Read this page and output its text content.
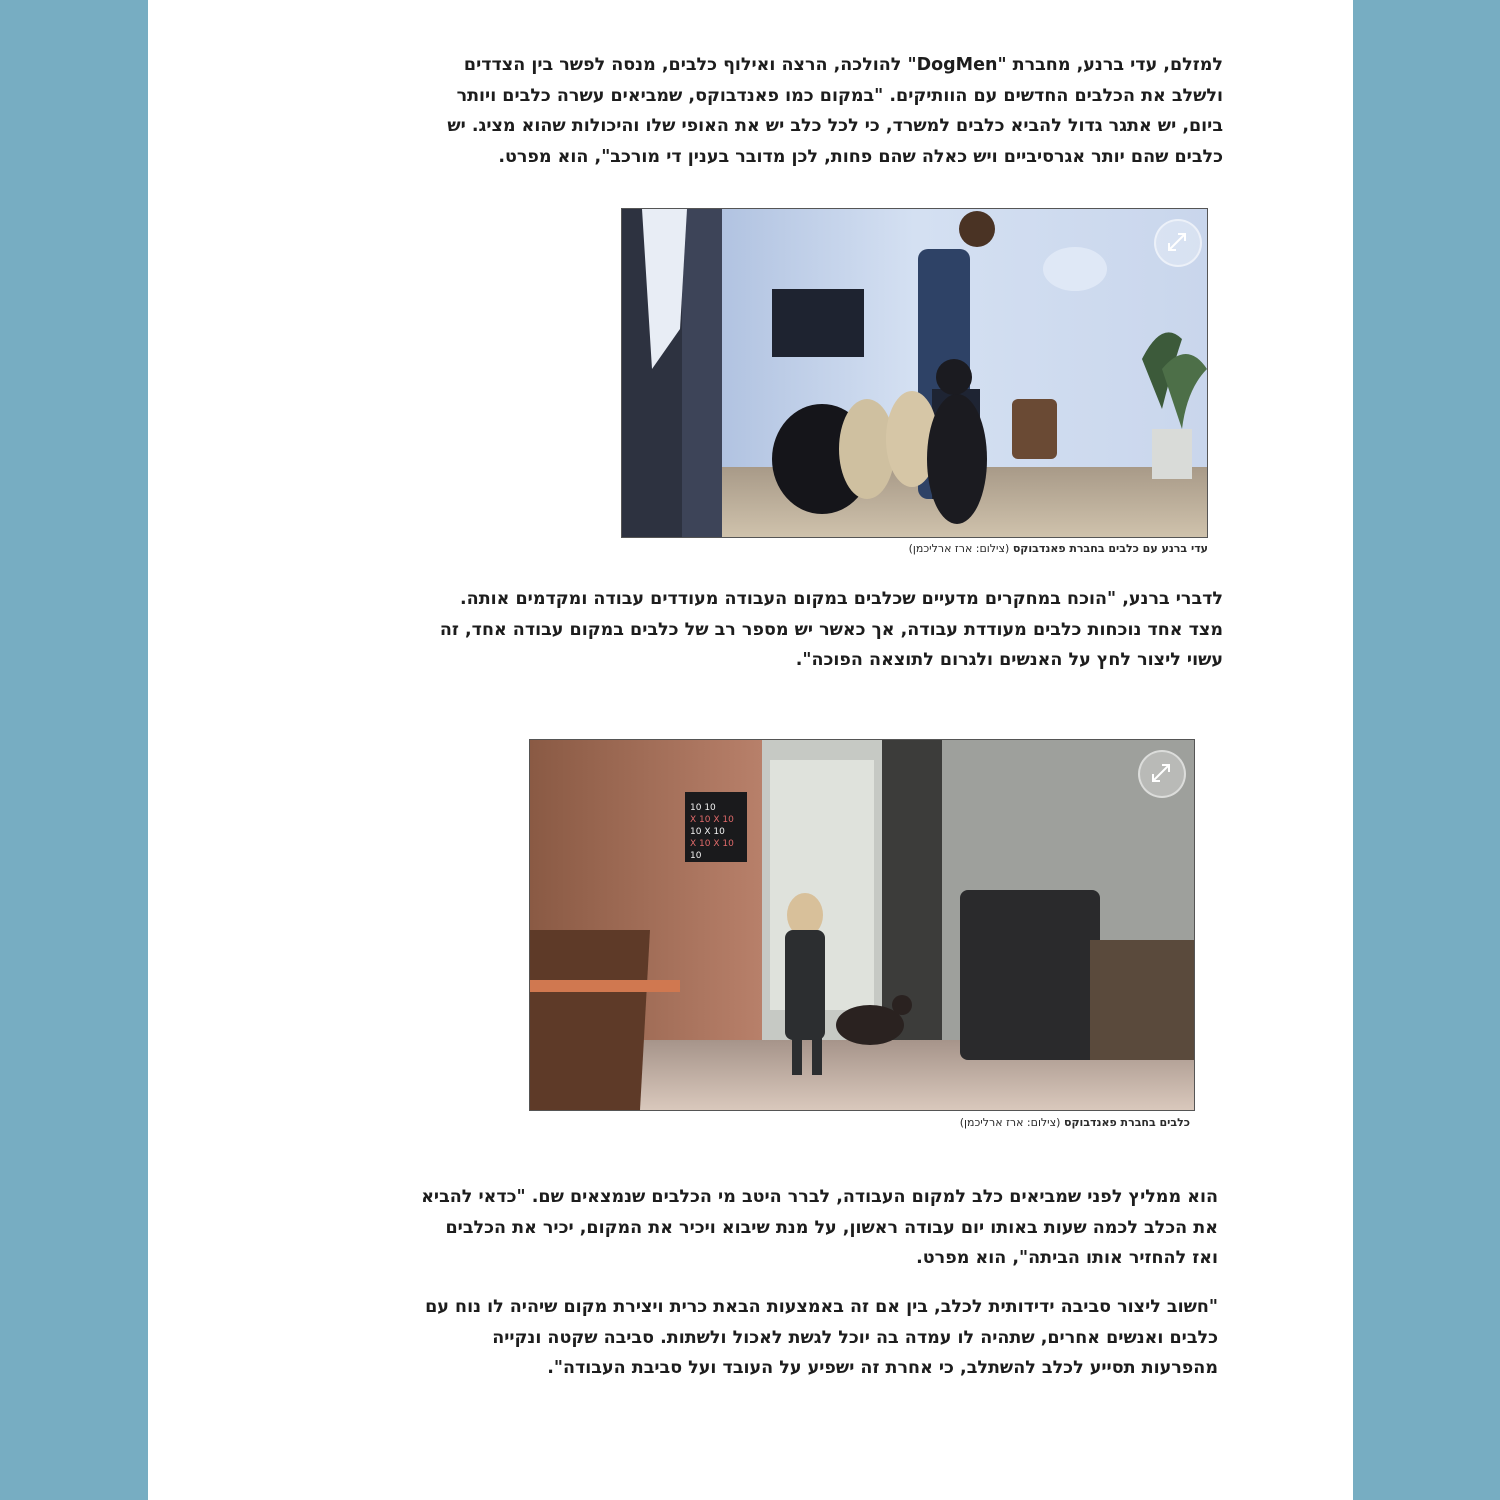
למזלם, עדי ברנע, מחברת "DogMen" להולכה, הרצה ואילוף כלבים, מנסה לפשר בין הצדדים
ולשלב את הכלבים החדשים עם הוותיקים. "במקום כמו פאנדבוקס, שמביאים עשרה כלבים ויותר
ביום, יש אתגר גדול להביא כלבים למשרד, כי לכל כלב יש את האופי שלו והיכולות שהוא מציג. יש
כלבים שהם יותר אגרסיביים ויש כאלה שהם פחות, לכן מדובר בענין די מורכב", הוא מפרט.
עדי ברנע עם כלבים בחברת פאנדבוקס (צילום: ארז ארליכמן)
לדברי ברנע, "הוכח במחקרים מדעיים שכלבים במקום העבודה מעודדים עבודה ומקדמים אותה.
מצד אחד נוכחות כלבים מעודדת עבודה, אך כאשר יש מספר רב של כלבים במקום עבודה אחד, זה
עשוי ליצור לחץ על האנשים ולגרום לתוצאה הפוכה".
10 10
X 10 X 10
10 X 10
X 10 X 10
10
כלבים בחברת פאנדבוקס (צילום: ארז ארליכמן)
הוא ממליץ לפני שמביאים כלב למקום העבודה, לברר היטב מי הכלבים שנמצאים שם. "כדאי להביא
את הכלב לכמה שעות באותו יום עבודה ראשון, על מנת שיבוא ויכיר את המקום, יכיר את הכלבים
ואז להחזיר אותו הביתה", הוא מפרט.
"חשוב ליצור סביבה ידידותית לכלב, בין אם זה באמצעות הבאת כרית ויצירת מקום שיהיה לו נוח עם
כלבים ואנשים אחרים, שתהיה לו עמדה בה יוכל לגשת לאכול ולשתות. סביבה שקטה ונקייה
מהפרעות תסייע לכלב להשתלב, כי אחרת זה ישפיע על העובד ועל סביבת העבודה".
